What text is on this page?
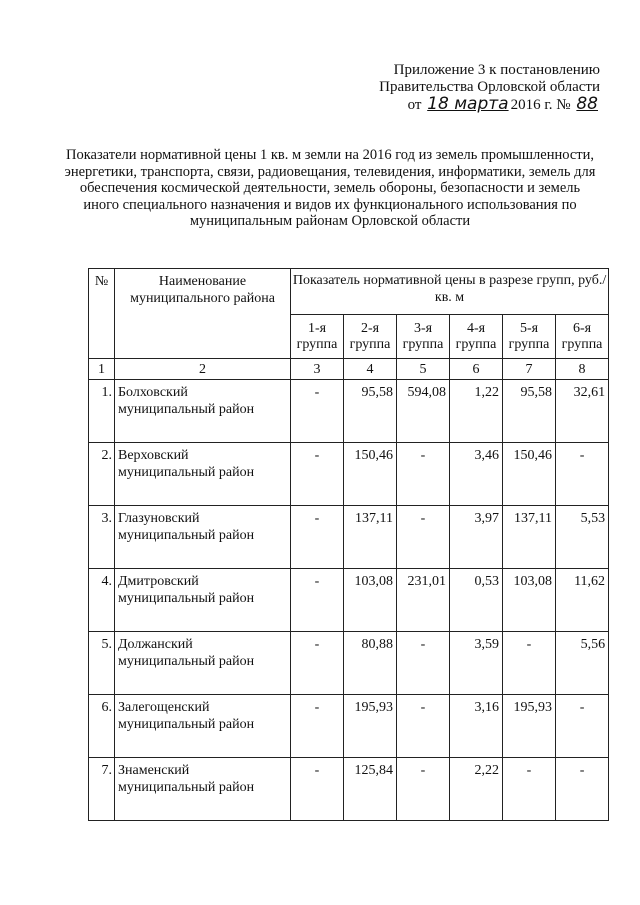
Приложение 3 к постановлению
Правительства Орловской области
от 18 марта 2016 г. № 88
Показатели нормативной цены 1 кв. м земли на 2016 год из земель промышленности, энергетики, транспорта, связи, радиовещания, телевидения, информатики, земель для обеспечения космической деятельности, земель обороны, безопасности и земель иного специального назначения и видов их функционального использования по муниципальным районам Орловской области
№	Наименование муниципального района	Показатель нормативной цены в разрезе групп, руб./кв. м					
		1-я группа	2-я группа	3-я группа	4-я группа	5-я группа	6-я группа
1	2	3	4	5	6	7	8
1.	Болховский муниципальный район	-	95,58	594,08	1,22	95,58	32,61
2.	Верховский муниципальный район	-	150,46	-	3,46	150,46	-
3.	Глазуновский муниципальный район	-	137,11	-	3,97	137,11	5,53
4.	Дмитровский муниципальный район	-	103,08	231,01	0,53	103,08	11,62
5.	Должанский муниципальный район	-	80,88	-	3,59	-	5,56
6.	Залегощенский муниципальный район	-	195,93	-	3,16	195,93	-
7.	Знаменский муниципальный район	-	125,84	-	2,22	-	-
